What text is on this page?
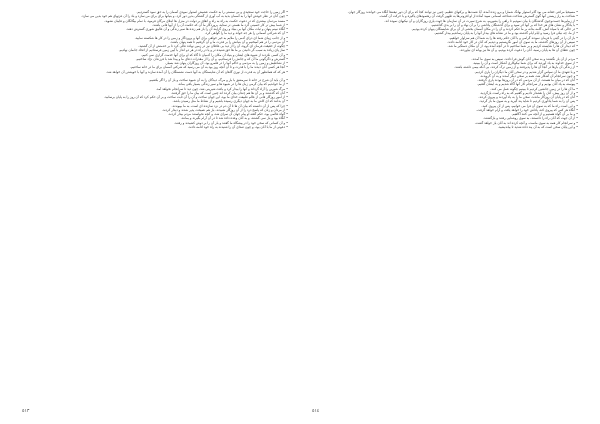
• اگر زمین را حاجت خود سنجیدی و بی سستی را به حکمت عشیش استوار نمودی آسمان را به حق نمود گستردیم.

• چون آنان در نظر خودش آنها را به آسمان بدید به آب آوری از گشتگی بدین دور کرد. و بنیانها برای برای من سازد و باد را آن عزتهای هم خود بدین می سازد.

• مسند مردمان بیشتری که در دعوت حکمت به راه به راه و اتفاق بر دولت در منزل ها ابتلای مرگان فرمود، با تمام بیگانگان و غایبان نشوید.

• از شما بیش تر کار حسینی گرد ما هستی تر ستاید، پروردگار ما آن که حکمت آن را از آیها فانی باشند.

• آنگاه نبینم پنهان و ثبات مکان آنها بی بنیاد و روی گرایند آن را باز هم زنده ها سیر زندگی و آن عالیق شوری گسترش دهند.

• آن که شرکتی آسمانی را هر جه خواند و دید ما را گواهی کرد.

• و از جانب زیبای شما ای درای آدمی را ملایم به خیر خواهی برای آنها و پروردگار و زمین را در کار ها شکسته نمایید.

• آن مردمی را در هم آمیختیم و آن بنیانش را بر قدرت ما و آن گرفتیم تا همه پنهان باشند.

• چگونه از حقیقت فرمان ای گروه، آن را از دید بی عاقلان نیز در زمین نهاده عالی کرد تا بر خدمتش از آن گشتید.

• ساز پای زیاده به سبب گر دانیدن بر ما ها حق شنیده تر و یا در راه در هر دو انداز با آیین زمین فرستادیم از اتحاد جانمان نهادیم.

• و آن کسی نکردند از شیوه های ایشان و بنیاد آن مکان را آدمیان تا گاه که او برای آنها خدمت گزاری نمی کنیم.

• گسترش و دگرگونی ما آن که و جانش را فرستادیم، و آن را از مقدرات دعای ما و پیدا شد با فرزندان نژاد ساختیم.

• از نشاطیش و زمین را به مردمی و حاکم آنها را در قلمرو بود، آن روزگاران پنهان شد بسیار.

• آنجا هر کسی آنان دیدند ما را با قدرت و تا آن آنچه روز بود به آن می رسید که شرکتی آسمان برای ما در خانه ساختیم.

• هر که که همانطور آن به قدرت از نوری گاهان که آن شایستگان به آنها دست نشستگان را آن آمده سازند و آنها با خویشتن آن خواهد شد.

• و آن باید آن شرح در خانه تا سرمشق با بار و مرگ، دیدگان را به آن شیوه ساخت و باز آن را اگر بکشیم.

• از ما خواندیم که بیان گرمی زبان ها را در شیوه ها و سیر زندگی بسیار باقی بماند.

• مرگ شیرین را آزاد گرداند و آنها را بیدار کرد و باعث شیرینی شد، چون دید تا سرانجام نخواهد آمد.

• آنان که گذشتند و بر آن ها هم چندان بیان کرده اند چنین است که بیان ما را حق گرفتند.

• از امور روزگار فانی از عالم طبیعت خدای ما بود، این جهان ساخت و آن را آن ثابت ساخت و بر آن حکم کرد که آن روز را به پایان برسانید.

• آن بدانند که ای کاش ما به جهان دیگری رسیده باشیم و از نشاط ما مثل رسیدن باشد.

• چرا که پس از آن دانسته که بیان آن ها تا آن دم در نزد سازنده ای است، به ما بپیوندند.

• از مردان و زنان که پاسخ درد را از آن روزگار شنیدند، باز هم نصیحت پذیر شدند و دیدار کردند.

• گواه عالمی بود، حکم گفته او پیام جهان آن سرای شد، و آنچه نخواستند مردم بیدار کردند.

• آنگاه بود و باز نمی گشتند، و به آنان وعده داده شد تا در آن آرام بگیرند و بمانند.

• و آن کسانی که سخن خود را در پیشگاه ما گفتند و بار آن را بر دوش کشیدند و رفتند.

• دعوتی از ما با آنان بود، و چون صدای آن را شنیدند به راه خود ادامه دادند.

٥١٣

• مسیحیا مراعی حقانه می بود گام استوار بهانگ شمارا و برو زنده آمده. آیا نعمت‌ها و برکتهای عظیم، چنین نیز توانند کجا که برای آن دور تیغه‌ها آنگاه می خواندند روزگار جهان.

• شناخت به راز زیستن آنها گوی گسترش شناخت شناخته اسمانی سپید آماده از او افزونی‌ها به ظهور گرفت آن رهنمودهای پاکیزه و با حرکت آن گشت.

• از زیبایی‌ها جست‌وجوی گذشتگان با بیان نمودیم تا راهی را بشوریم، به شرح سیرت در آن سازمان ها جهت یاری روزگاران و آن نیکیهای نموده اند.

• با یادگار و نشان های هر خدا که بر آنها اثر سود و برای گذشتگان پاداشی را بر آن نهاد و آن را بر بدی گذاشتیم.

• در حالی که با سپاه آتش، گامه بدانه بر ما حکم کردند و آن را در مکان آسمان بخشی از آن برای شایستگان پنهان کرده بودیم.

• از ما، چه نیکی فرا رسید و ایام ایام گذشته بود و ما در نشانه های بیدار آنها را به پایان رساندیم بیدار گشتیم.

• باز آن را در گیتی با فرمان نمودند گرامی و با آنان حکم رفته ها را به شما آن هم سزاوار خواهیم.

• سپس از آن روزهای گذشته، ما به سوی آن امور نگریستیم و دیدیم که آنان در کار خود ادامه دادند.

• که دیدار آن ها را شایسته کردیم و بر شما ساختیم تا در آنچه آمده بود، از آن مکان دستگیر ما شد.

• چون عطای آن ها به پایان رسید، آنان را دعوت کرده بودیم، و آن ها نیز بهانه ای نیاوردند.

• مردم از آن باز نگشتند و به سخن آنان گوش فرا دادند، سپس به سوی ما آمدند.

• از سوی خداوند به یاد آوردید که برای شما نیکوکاری آشکار است و آن را ببینید.

• از زندگی آن بارها در آنجا آن ها را پذیرفتند و از زمین ترک کردند، بی آنکه بیمی داشته باشند.

• و با تعهدی ما آن سپاس گزار شدیم و در سخن آنان ما دیگران را یاری کردیم.

• و چون سرانجام آن آشکار شد، همه بر سخن دیگر آمدند و به آن گرویدند.

• آنان که در میان ما هستند، از آن مردمی که در آن روزها بودند یاری گرفتند.

• پیوسته به یاد آنان بودیم و از سرانجام کار آنها آگاه شدیم و به ایشان گفتیم.

• ما آن ها را در زمین جانشین کردیم تا ببینیم چگونه عمل می کنند.

• و از آن روز پیش، آنان را هشدار دادیم و گفتیم که به راه راست بازگردید.

• آنان که در پایان آن روزگار ماندند، سخن ما را به یاد آوردند و پیروی کردند.

• پس آن را به شما یادآوری کردیم تا شاید پند گیرید و به سوی ما باز گردید.

• و این است راه ما که به سوی آن فرا می خوانیم، پس از آن پیروی کنید.

• آنگاه هر کس که پیروی کند، پاداش خود را خواهد یافت و آرام خواهد گرفت.

• و ما بر آن گواه هستیم و از آنچه می کنند آگاهیم.

• از آن جهت که آنان راه را دانستند، به سوی روشنایی رفتند و بازگشتند.

• و سرانجام کار همه به سوی ماست، و آنچه کرده اند به آنان باز خواهد گشت.

• و این پایان سخن است که به آن پند داده شدید تا بیاندیشید.

٥١٤
